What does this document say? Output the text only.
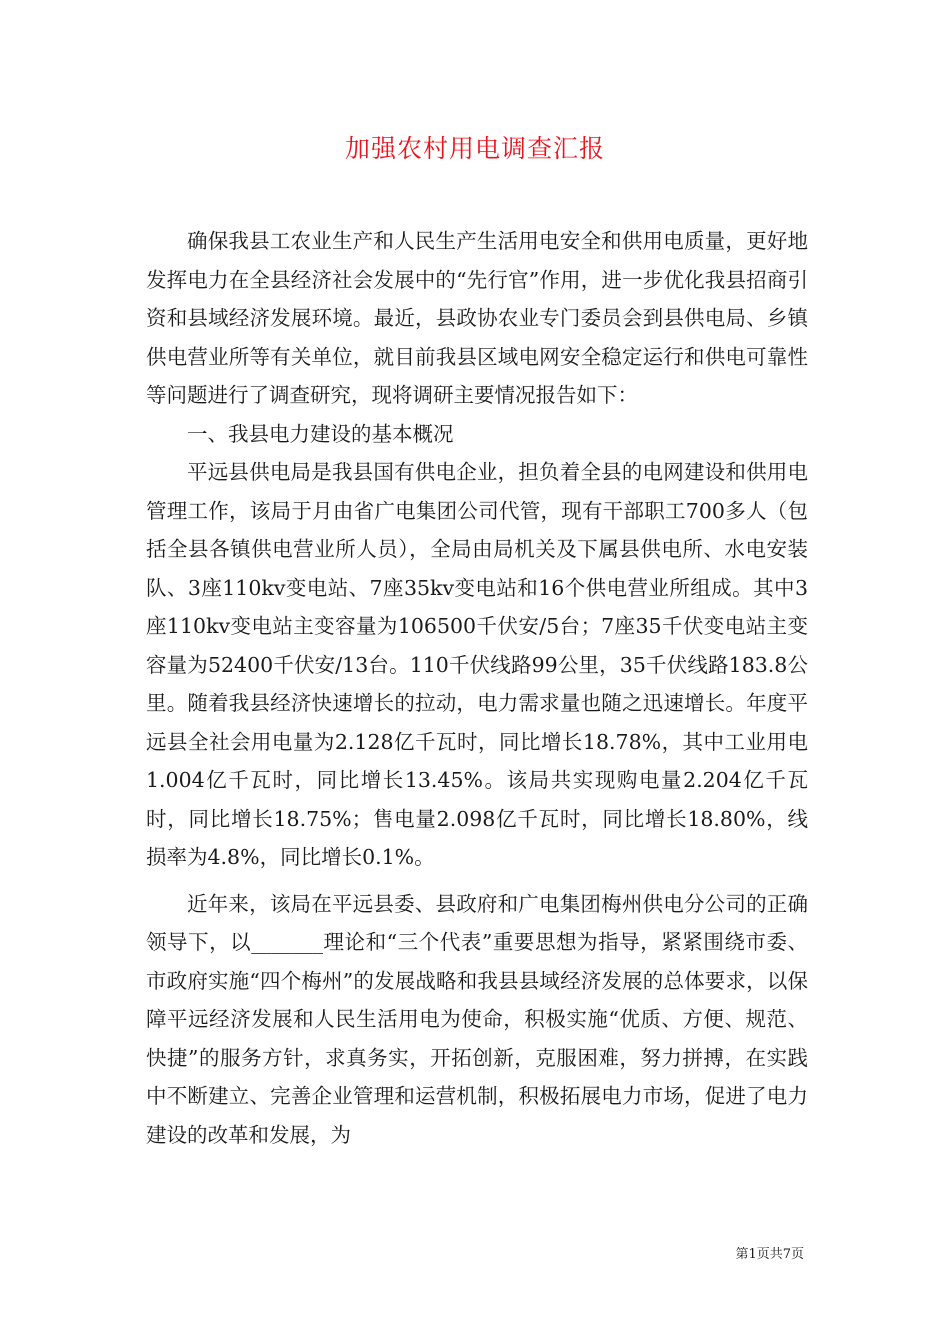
加强农村用电调查汇报

确保我县工农业生产和人民生产生活用电安全和供用电质量，更好地发挥电力在全县经济社会发展中的“先行官”作用，进一步优化我县招商引资和县域经济发展环境。最近，县政协农业专门委员会到县供电局、乡镇供电营业所等有关单位，就目前我县区域电网安全稳定运行和供电可靠性等问题进行了调查研究，现将调研主要情况报告如下：

一、我县电力建设的基本概况

平远县供电局是我县国有供电企业，担负着全县的电网建设和供用电管理工作，该局于月由省广电集团公司代管，现有干部职工700多人（包括全县各镇供电营业所人员），全局由局机关及下属县供电所、水电安装队、3座110kv变电站、7座35kv变电站和16个供电营业所组成。其中3座110kv变电站主变容量为106500千伏安/5台；7座35千伏变电站主变容量为52400千伏安/13台。110千伏线路99公里，35千伏线路183.8公里。随着我县经济快速增长的拉动，电力需求量也随之迅速增长。年度平远县全社会用电量为2.128亿千瓦时，同比增长18.78%，其中工业用电1.004亿千瓦时，同比增长13.45%。该局共实现购电量2.204亿千瓦时，同比增长18.75%；售电量2.098亿千瓦时，同比增长18.80%，线损率为4.8%，同比增长0.1%。

近年来，该局在平远县委、县政府和广电集团梅州供电分公司的正确领导下，以_______理论和“三个代表”重要思想为指导，紧紧围绕市委、市政府实施“四个梅州”的发展战略和我县县域经济发展的总体要求，以保障平远经济发展和人民生活用电为使命，积极实施“优质、方便、规范、快捷”的服务方针，求真务实，开拓创新，克服困难，努力拼搏，在实践中不断建立、完善企业管理和运营机制，积极拓展电力市场，促进了电力建设的改革和发展，为

第1页共7页
